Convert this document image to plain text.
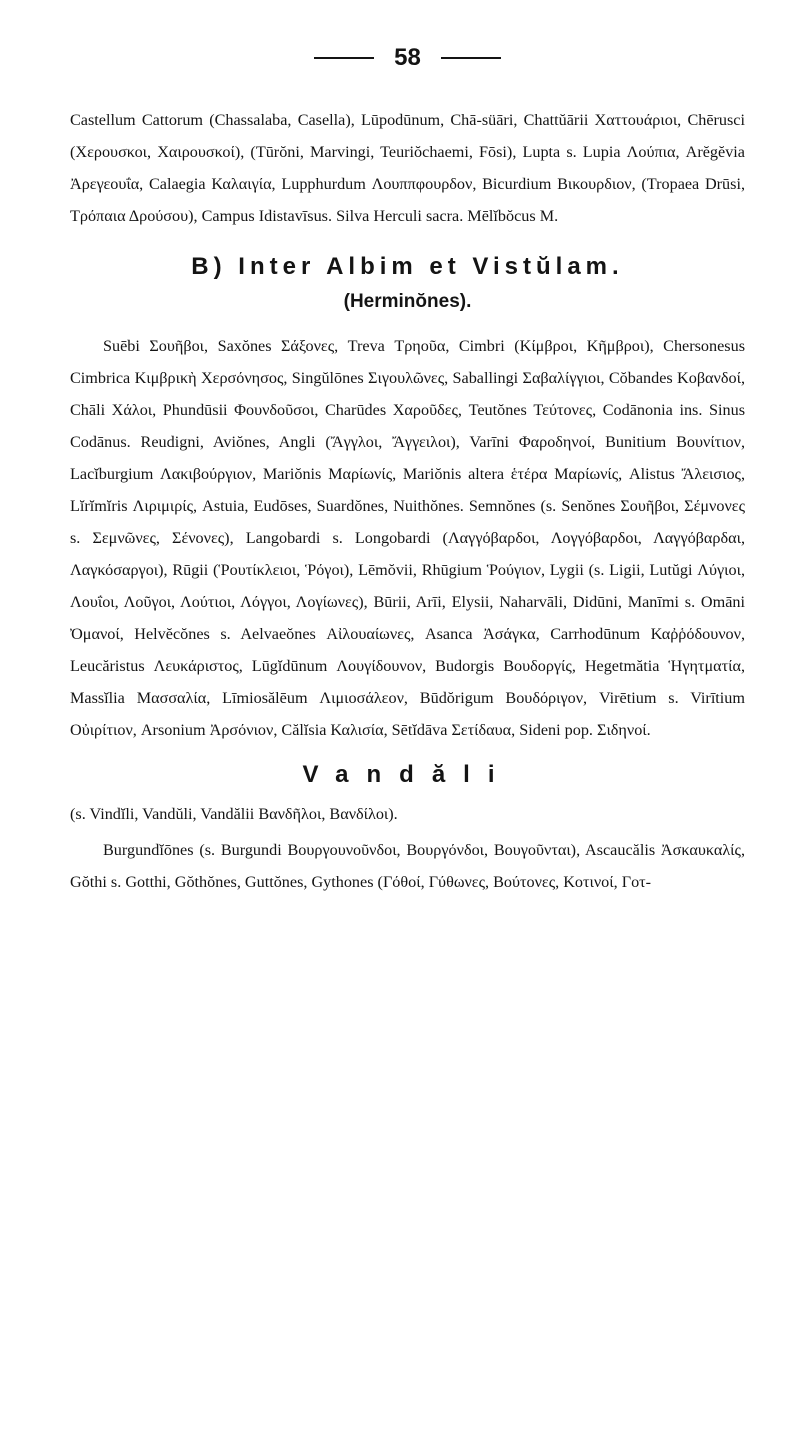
58

Castellum Cattorum (Chassalaba, Casella), Lūpodūnum, Chā-süāri, Chattŭārii Χαττουάριοι, Chērusci (Χερουσκοι, Χαιρουσκοί), (Tūrŏni, Marvingi, Teuriŏchaemi, Fōsi), Lupta s. Lupia Λούπια, Arĕgĕvia Ἀρεγεουΐα, Calaegia Καλαιγία, Lupphurdum Λουππφουρδον, Bicurdium Βικουρδιον, (Tropaea Drūsi, Τρόπαια Δρούσου), Campus Idistavīsus. Silva Herculi sacra. Mēlĭbŏcus M.

B) Inter Albim et Vistŭlam.
(Herminŏnes).

Suēbi Σουῆβοι, Saxŏnes Σάξονες, Treva Τρηοῦα, Cimbri (Κίμβροι, Κῆμβροι), Chersonesus Cimbrica Κιμβρικὴ Χερσόνησος, Singŭlōnes Σιγουλῶνες, Saballingi Σαβαλίγγιοι, Cŏbandes Κοβανδοί, Chāli Χάλοι, Phundūsii Φουνδοῦσοι, Charūdes Χαροῦδες, Teutŏnes Τεύτονες, Codānonia ins. Sinus Codānus. Reudigni, Aviŏnes, Angli (Ἄγγλοι, Ἄγγειλοι), Varīni Φαροδηνοί, Bunitium Βουνίτιον, Lacĭburgium Λακιβούργιον, Mariŏnis Μαρίωνίς, Mariŏnis altera ἑτέρα Μαρίωνίς, Alistus Ἄλεισιος, Lĭrĭmĭris Λιριμιρίς, Astuia, Eudōses, Suardŏnes, Nuithŏnes. Semnŏnes (s. Senŏnes Σουῆβοι, Σέμνονες s. Σεμνῶνες, Σένονες), Langobardi s. Longobardi (Λαγγόβαρδοι, Λογγόβαρδοι, Λαγγόβαρδαι, Λαγκόσαργοι), Rūgii (Ῥουτίκλειοι, Ῥόγοι), Lēmŏvii, Rhūgium Ῥούγιον, Lygii (s. Ligii, Lutŭgi Λύγιοι, Λουΐοι, Λοῦγοι, Λούτιοι, Λόγγοι, Λογίωνες), Būrii, Arīi, Elysii, Naharvāli, Didūni, Manīmi s. Omāni Ὀμανοί, Helvĕcŏnes s. Aelvaeŏnes Αἰλουαίωνες, Asanca Ἀσάγκα, Carrhodūnum Καῤῥόδουνον, Leucăristus Λευκάριστος, Lūgĭdūnum Λουγίδουνον, Budorgis Βουδοργίς, Hegetmătia Ἡγητματία, Massĭlia Μασσαλία, Līmiosălēum Λιμιοσάλεον, Būdŏrigum Βουδόριγον, Virētium s. Virītium Οὐιρίτιον, Arsonium Ἀρσόνιον, Călĭsia Καλισία, Sētĭdāva Σετίδαυα, Sideni pop. Σιδηνοί.

Vandăli

(s. Vindĭli, Vandŭli, Vandălii Βανδῆλοι, Βανδίλοι).

Burgundĭōnes (s. Burgundi Βουργουνοῦνδοι, Βουργόνδοι, Βουγοῦνται), Ascaucălis Ἀσκαυκαλίς, Gŏthi s. Gotthi, Gŏthŏnes, Guttŏnes, Gythones (Γόθοί, Γύθωνες, Βούτονες, Κοτινοί, Γοτ-
